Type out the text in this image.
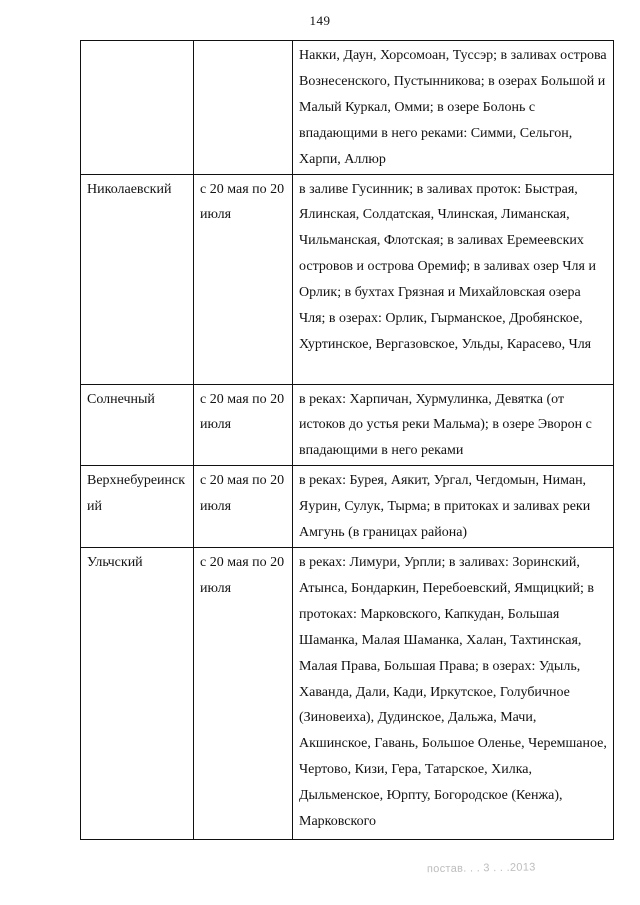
149

		Накки, Даун, Хорсомоан, Туссэр; в заливах острова Вознесенского, Пустынникова; в озерах Большой и Малый Куркал, Омми; в озере Болонь с впадающими в него реками: Симми, Сельгон, Харпи, Аллюр

Николаевский	с 20 мая по 20 июля	в заливе Гусинник; в заливах проток: Быстрая, Ялинская, Солдатская, Члинская, Лиманская, Чильманская, Флотская; в заливах Еремеевских островов и острова Оремиф; в заливах озер Чля и Орлик; в бухтах Грязная и Михайловская озера Чля; в озерах: Орлик, Гырманское, Дробянское, Хуртинское, Вергазовское, Ульды, Карасево, Чля

Солнечный	с 20 мая по 20 июля	в реках: Харпичан, Хурмулинка, Девятка (от истоков до устья реки Мальма); в озере Эворон с впадающими в него реками

Верхнебуреинский	с 20 мая по 20 июля	в реках: Бурея, Аякит, Ургал, Чегдомын, Ниман, Яурин, Сулук, Тырма; в притоках и заливах реки Амгунь (в границах района)

Ульчский	с 20 мая по 20 июля	в реках: Лимури, Урпли; в заливах: Зоринский, Атынса, Бондаркин, Перебоевский, Ямщицкий; в протоках: Марковского, Капкудан, Большая Шаманка, Малая Шаманка, Халан, Тахтинская, Малая Права, Большая Права; в озерах: Удыль, Хаванда, Дали, Кади, Иркутское, Голубичное (Зиновеиха), Дудинское, Дальжа, Мачи, Акшинское, Гавань, Большое Оленье, Черемшаное, Чертово, Кизи, Гера, Татарское, Хилка, Дыльменское, Юрпту, Богородское (Кенжа), Марковского
постав. . . 3 . . .2013
